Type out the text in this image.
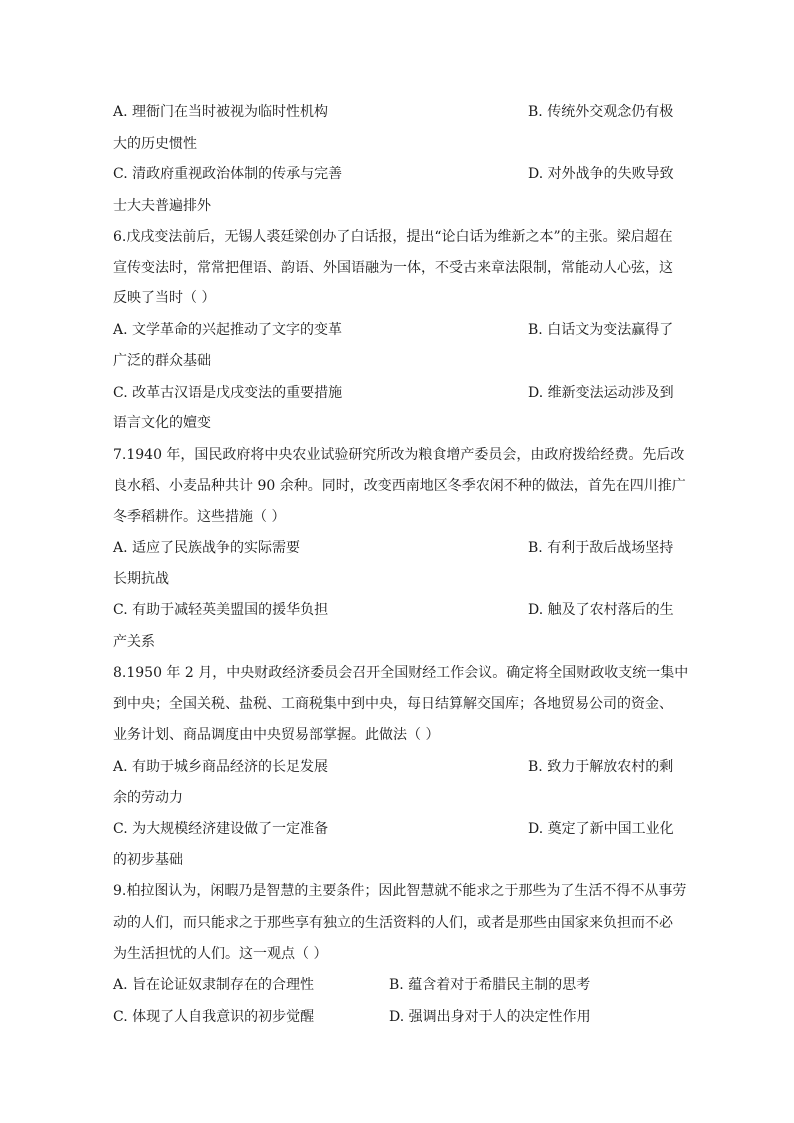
A. 理衙门在当时被视为临时性机构	B. 传统外交观念仍有极
大的历史惯性
C. 清政府重视政治体制的传承与完善	D. 对外战争的失败导致
士大夫普遍排外
6.戊戌变法前后，无锡人裘廷梁创办了白话报，提出“论白话为维新之本”的主张。梁启超在
宣传变法时，常常把俚语、韵语、外国语融为一体，不受古来章法限制，常能动人心弦，这
反映了当时（ ）
A. 文学革命的兴起推动了文字的变革	B. 白话文为变法赢得了
广泛的群众基础
C. 改革古汉语是戊戌变法的重要措施	D. 维新变法运动涉及到
语言文化的嬗变
7.1940 年，国民政府将中央农业试验研究所改为粮食增产委员会，由政府拨给经费。先后改
良水稻、小麦品种共计 90 余种。同时，改变西南地区冬季农闲不种的做法，首先在四川推广
冬季稻耕作。这些措施（ ）
A. 适应了民族战争的实际需要	B. 有利于敌后战场坚持
长期抗战
C. 有助于减轻英美盟国的援华负担	D. 触及了农村落后的生
产关系
8.1950 年 2 月，中央财政经济委员会召开全国财经工作会议。确定将全国财政收支统一集中
到中央；全国关税、盐税、工商税集中到中央，每日结算解交国库；各地贸易公司的资金、
业务计划、商品调度由中央贸易部掌握。此做法（ ）
A. 有助于城乡商品经济的长足发展	B. 致力于解放农村的剩
余的劳动力
C. 为大规模经济建设做了一定准备	D. 奠定了新中国工业化
的初步基础
9.柏拉图认为，闲暇乃是智慧的主要条件；因此智慧就不能求之于那些为了生活不得不从事劳
动的人们，而只能求之于那些享有独立的生活资料的人们，或者是那些由国家来负担而不必
为生活担忧的人们。这一观点（ ）
A. 旨在论证奴隶制存在的合理性	B. 蕴含着对于希腊民主制的思考
C. 体现了人自我意识的初步觉醒	D. 强调出身对于人的决定性作用
